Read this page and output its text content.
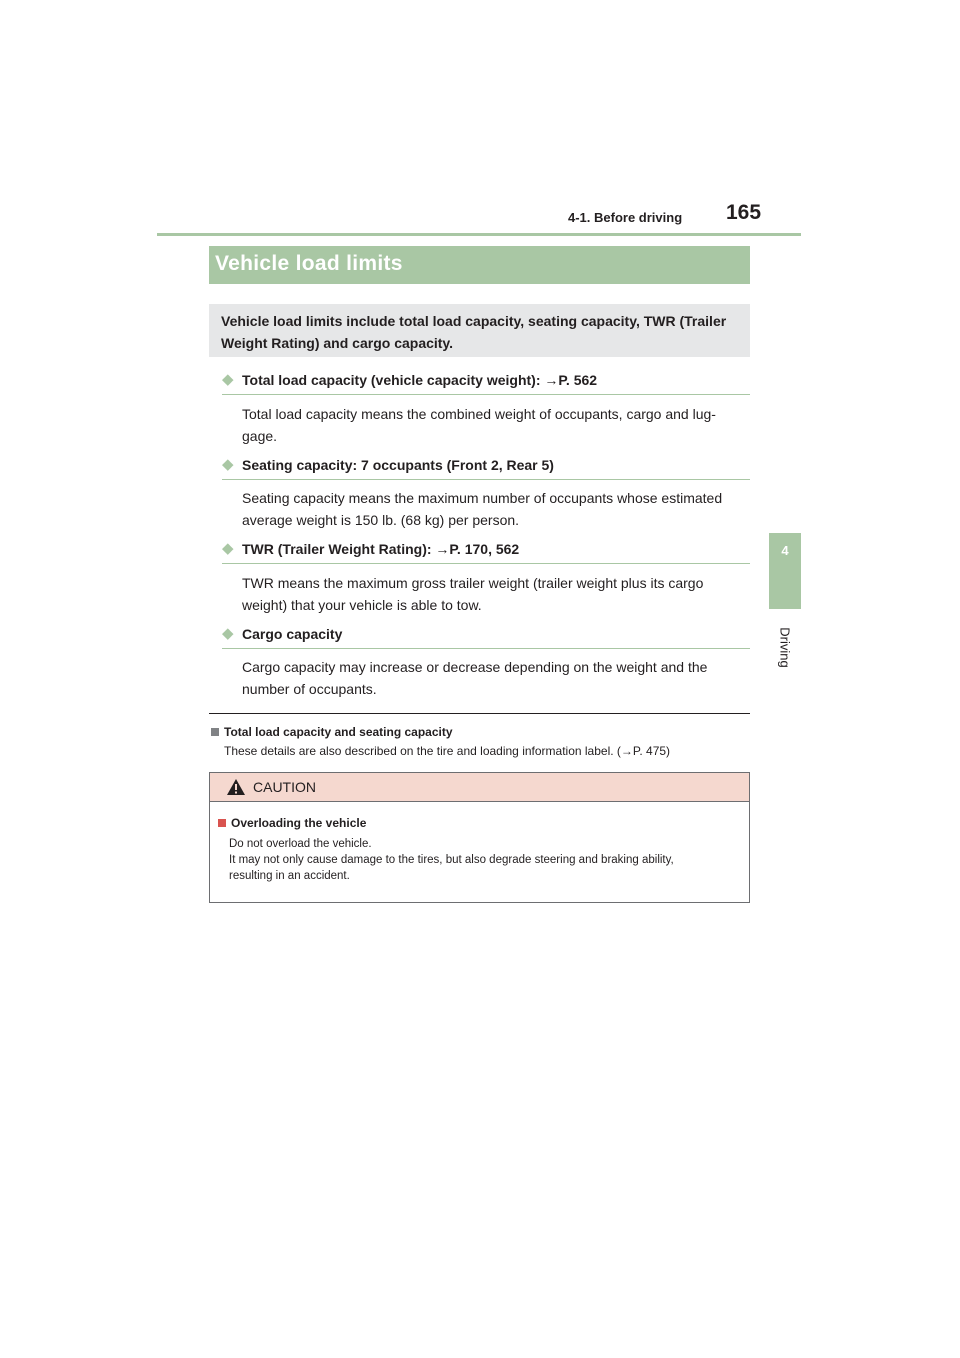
4-1. Before driving 165
4
Driving
Vehicle load limits
Vehicle load limits include total load capacity, seating capacity, TWR (Trailer
Weight Rating) and cargo capacity.
◆ Total load capacity (vehicle capacity weight): →P. 562
Total load capacity means the combined weight of occupants, cargo and lug-
gage.
◆ Seating capacity: 7 occupants (Front 2, Rear 5)
Seating capacity means the maximum number of occupants whose estimated
average weight is 150 lb. (68 kg) per person.
◆ TWR (Trailer Weight Rating): →P. 170, 562
TWR means the maximum gross trailer weight (trailer weight plus its cargo
weight) that your vehicle is able to tow.
◆ Cargo capacity
Cargo capacity may increase or decrease depending on the weight and the
number of occupants.
Total load capacity and seating capacity
These details are also described on the tire and loading information label. (→P. 475)
CAUTION
Overloading the vehicle
Do not overload the vehicle.
It may not only cause damage to the tires, but also degrade steering and braking ability,
resulting in an accident.
